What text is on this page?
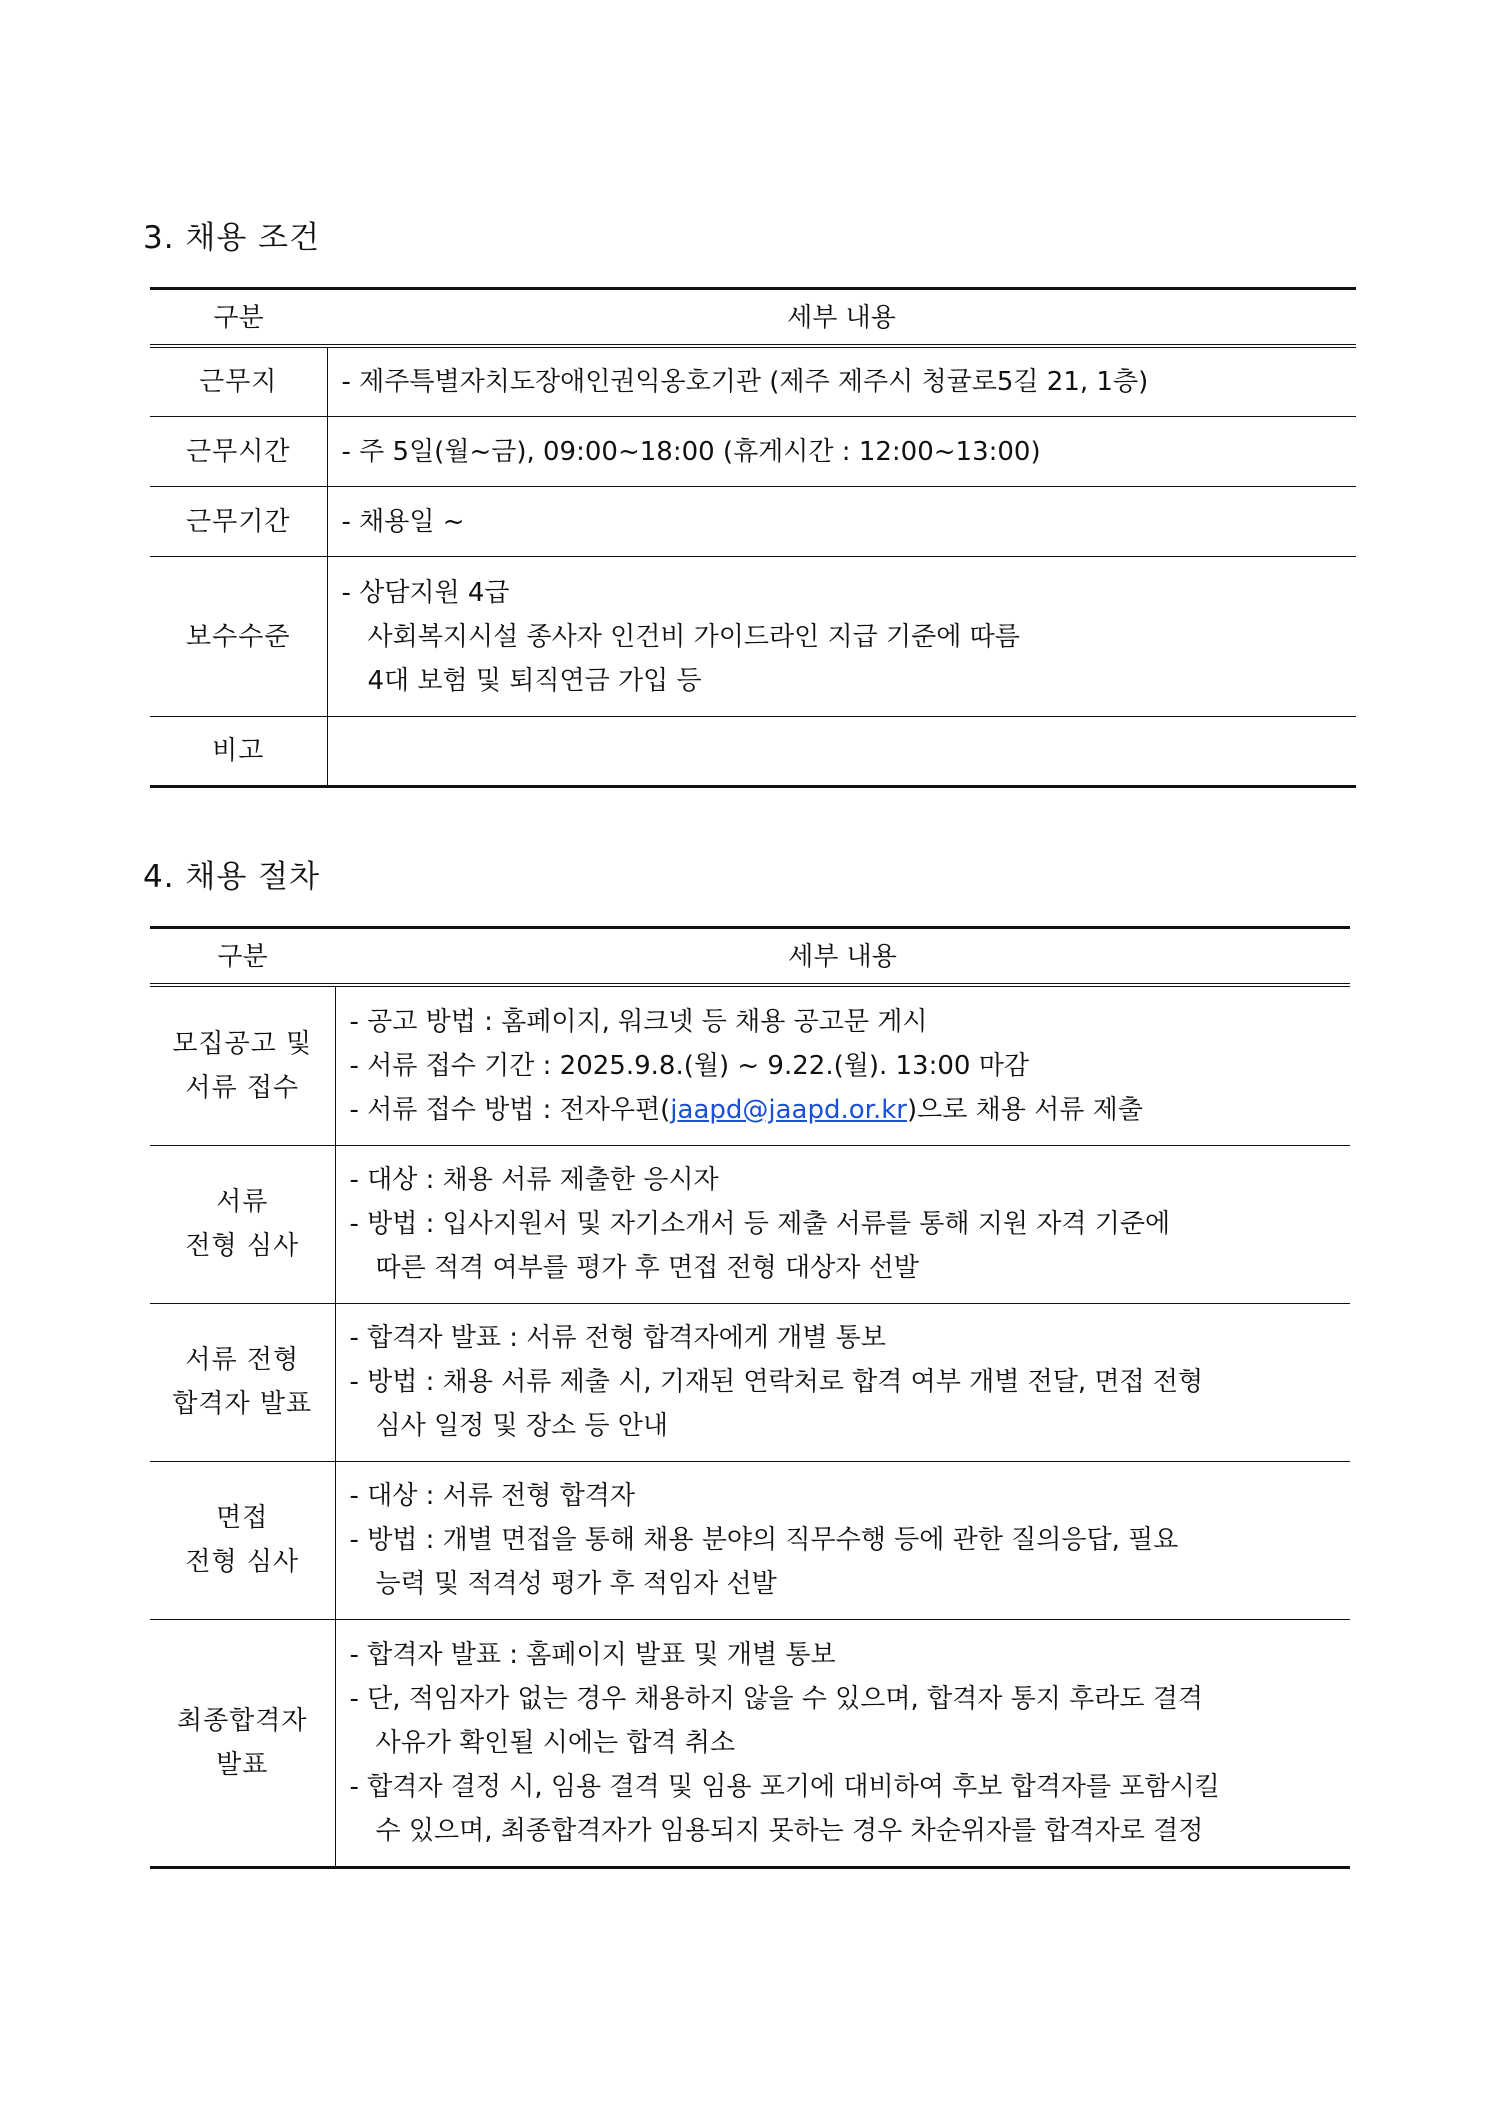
3. 채용 조건
구분	세부 내용
근무지	- 제주특별자치도장애인권익옹호기관 (제주 제주시 청귤로5길 21, 1층)

근무시간	- 주 5일(월~금), 09:00~18:00 (휴게시간 : 12:00~13:00)

근무기간	- 채용일 ~

보수수준	- 상담지원 4급
사회복지시설 종사자 인건비 가이드라인 지급 기준에 따름
4대 보험 및 퇴직연금 가입 등

비고	
4. 채용 절차
구분	세부 내용

모집공고 및
서류 접수	- 공고 방법 : 홈페이지, 워크넷 등 채용 공고문 게시
- 서류 접수 기간 : 2025.9.8.(월) ~ 9.22.(월). 13:00 마감
- 서류 접수 방법 : 전자우편(jaapd@jaapd.or.kr)으로 채용 서류 제출

서류
전형 심사	- 대상 : 채용 서류 제출한 응시자
- 방법 : 입사지원서 및 자기소개서 등 제출 서류를 통해 지원 자격 기준에
따른 적격 여부를 평가 후 면접 전형 대상자 선발

서류 전형
합격자 발표	- 합격자 발표 : 서류 전형 합격자에게 개별 통보
- 방법 : 채용 서류 제출 시, 기재된 연락처로 합격 여부 개별 전달, 면접 전형
심사 일정 및 장소 등 안내

면접
전형 심사	- 대상 : 서류 전형 합격자
- 방법 : 개별 면접을 통해 채용 분야의 직무수행 등에 관한 질의응답, 필요
능력 및 적격성 평가 후 적임자 선발

최종합격자
발표	- 합격자 발표 : 홈페이지 발표 및 개별 통보
- 단, 적임자가 없는 경우 채용하지 않을 수 있으며, 합격자 통지 후라도 결격
사유가 확인될 시에는 합격 취소
- 합격자 결정 시, 임용 결격 및 임용 포기에 대비하여 후보 합격자를 포함시킬
수 있으며, 최종합격자가 임용되지 못하는 경우 차순위자를 합격자로 결정
